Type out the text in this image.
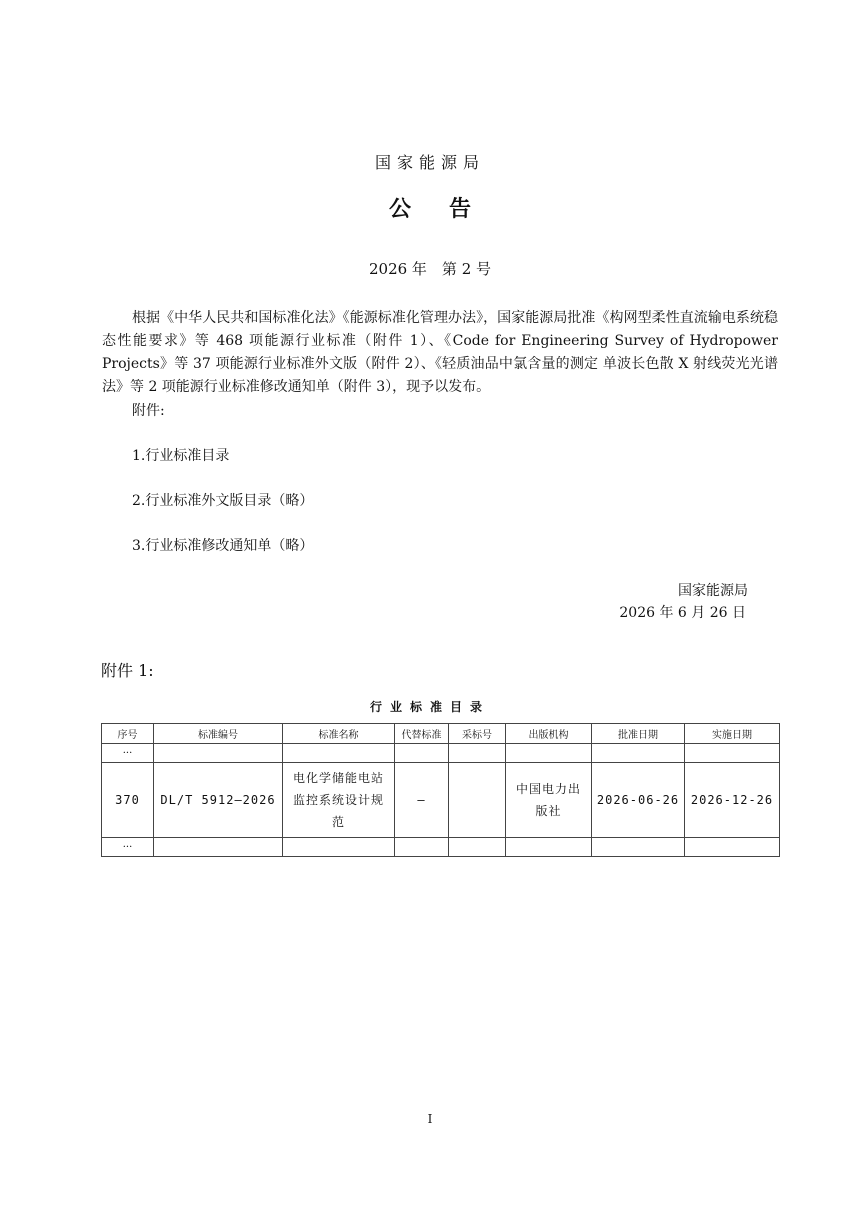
国家能源局
公告
2026 年　第 2 号
根据《中华人民共和国标准化法》《能源标准化管理办法》，国家能源局批准《构网型柔性直流输电系统稳态性能要求》等 468 项能源行业标准（附件 1）、《Code for Engineering Survey of Hydropower Projects》等 37 项能源行业标准外文版（附件 2）、《轻质油品中氯含量的测定 单波长色散 X 射线荧光光谱法》等 2 项能源行业标准修改通知单（附件 3），现予以发布。
附件:
1.行业标准目录
2.行业标准外文版目录（略）
3.行业标准修改通知单（略）
国家能源局
2026 年 6 月 26 日
附件 1:
行业标准目录
序号	标准编号	标准名称	代替标准	采标号	出版机构	批准日期	实施日期
···							
370	DL/T 5912—2026	电化学储能电站监控系统设计规范	—		中国电力出版社	2026-06-26	2026-12-26
···							
I
